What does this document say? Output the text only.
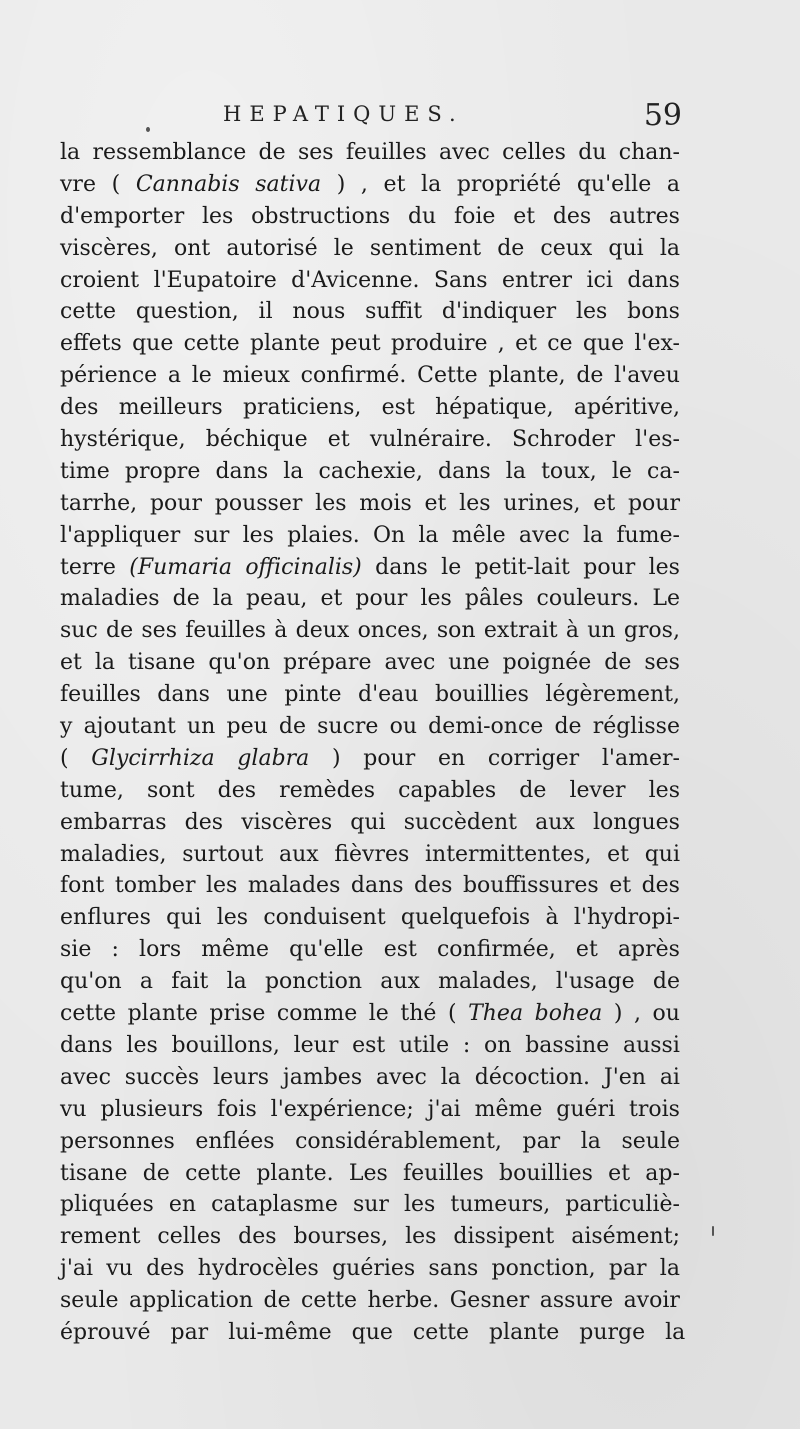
HEPATIQUES.	59
la ressemblance de ses feuilles avec celles du chan-
vre ( Cannabis sativa ) , et la propriété qu'elle a
d'emporter les obstructions du foie et des autres
viscères, ont autorisé le sentiment de ceux qui la
croient l'Eupatoire d'Avicenne. Sans entrer ici dans
cette question, il nous suffit d'indiquer les bons
effets que cette plante peut produire , et ce que l'ex-
périence a le mieux confirmé. Cette plante, de l'aveu
des meilleurs praticiens, est hépatique, apéritive,
hystérique, béchique et vulnéraire. Schroder l'es-
time propre dans la cachexie, dans la toux, le ca-
tarrhe, pour pousser les mois et les urines, et pour
l'appliquer sur les plaies. On la mêle avec la fume-
terre (Fumaria officinalis) dans le petit-lait pour les
maladies de la peau, et pour les pâles couleurs. Le
suc de ses feuilles à deux onces, son extrait à un gros,
et la tisane qu'on prépare avec une poignée de ses
feuilles dans une pinte d'eau bouillies légèrement,
y ajoutant un peu de sucre ou demi-once de réglisse
( Glycirrhiza glabra ) pour en corriger l'amer-
tume, sont des remèdes capables de lever les
embarras des viscères qui succèdent aux longues
maladies, surtout aux fièvres intermittentes, et qui
font tomber les malades dans des bouffissures et des
enflures qui les conduisent quelquefois à l'hydropi-
sie : lors même qu'elle est confirmée, et après
qu'on a fait la ponction aux malades, l'usage de
cette plante prise comme le thé ( Thea bohea ) , ou
dans les bouillons, leur est utile : on bassine aussi
avec succès leurs jambes avec la décoction. J'en ai
vu plusieurs fois l'expérience; j'ai même guéri trois
personnes enflées considérablement, par la seule
tisane de cette plante. Les feuilles bouillies et ap-
pliquées en cataplasme sur les tumeurs, particuliè-
rement celles des bourses, les dissipent aisément;
j'ai vu des hydrocèles guéries sans ponction, par la
seule application de cette herbe. Gesner assure avoir
éprouvé par lui-même que cette plante purge la
